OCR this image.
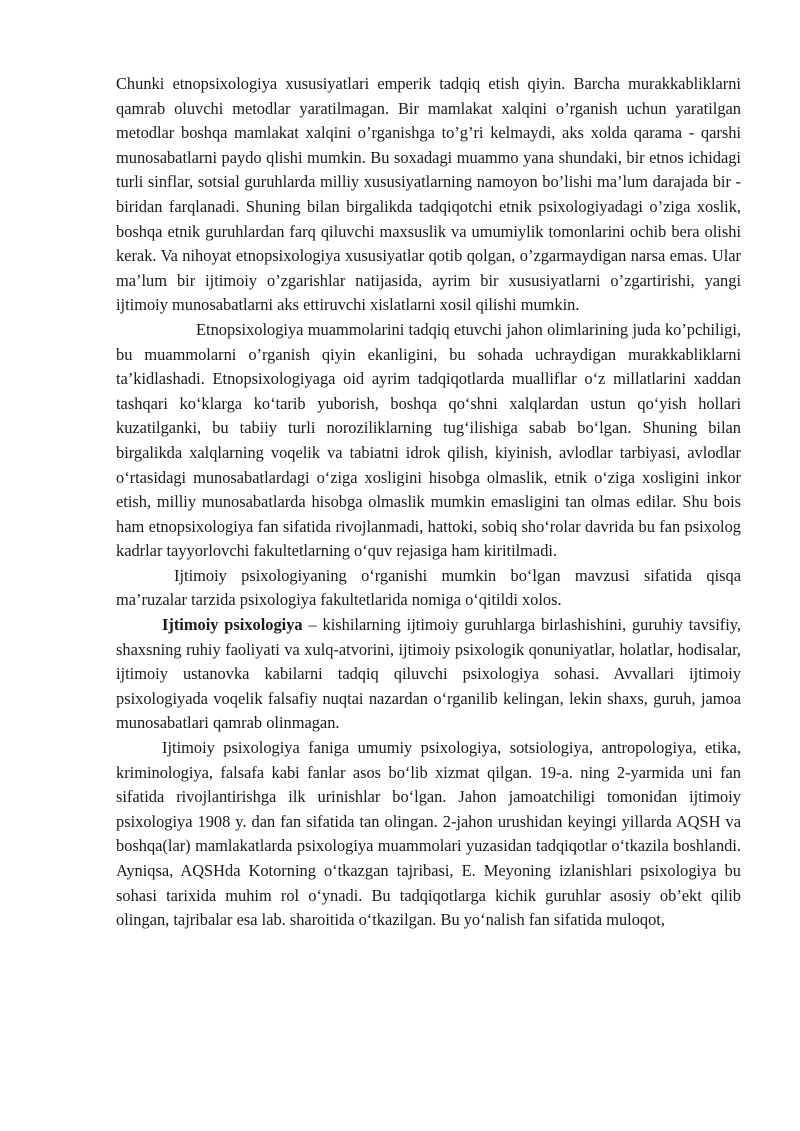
Chunki etnopsixologiya xususiyatlari emperik tadqiq etish qiyin. Barcha murakkabliklarni qamrab oluvchi metodlar yaratilmagan. Bir mamlakat xalqini o’rganish uchun yaratilgan metodlar boshqa mamlakat xalqini o’rganishga to’g’ri kelmaydi, aks xolda qarama - qarshi munosabatlarni paydo qlishi mumkin. Bu soxadagi muammo yana shundaki, bir etnos ichidagi turli sinflar, sotsial guruhlarda milliy xususiyatlarning namoyon bo’lishi ma’lum darajada bir - biridan farqlanadi. Shuning bilan birgalikda tadqiqotchi etnik psixologiyadagi o’ziga xoslik, boshqa etnik guruhlardan farq qiluvchi maxsuslik va umumiylik tomonlarini ochib bera olishi kerak. Va nihoyat etnopsixologiya xususiyatlar qotib qolgan, o’zgarmaydigan narsa emas. Ular ma’lum bir ijtimoiy o’zgarishlar natijasida, ayrim bir xususiyatlarni o’zgartirishi, yangi ijtimoiy munosabatlarni aks ettiruvchi xislatlarni xosil qilishi mumkin.

Etnopsixologiya muammolarini tadqiq etuvchi jahon olimlarining juda ko’pchiligi, bu muammolarni o’rganish qiyin ekanligini, bu sohada uchraydigan murakkabliklarni ta’kidlashadi. Etnopsixologiyaga oid ayrim tadqiqotlarda mualliflar o‘z millatlarini xaddan tashqari ko‘klarga ko‘tarib yuborish, boshqa qo‘shni xalqlardan ustun qo‘yish hollari kuzatilganki, bu tabiiy turli noroziliklarning tug‘ilishiga sabab bo‘lgan. Shuning bilan birgalikda xalqlarning voqelik va tabiatni idrok qilish, kiyinish, avlodlar tarbiyasi, avlodlar o‘rtasidagi munosabatlardagi o‘ziga xosligini hisobga olmaslik, etnik o‘ziga xosligini inkor etish, milliy munosabatlarda hisobga olmaslik mumkin emasligini tan olmas edilar. Shu bois ham etnopsixologiya fan sifatida rivojlanmadi, hattoki, sobiq sho‘rolar davrida bu fan psixolog kadrlar tayyorlovchi fakultetlarning o‘quv rejasiga ham kiritilmadi.

Ijtimoiy psixologiyaning o‘rganishi mumkin bo‘lgan mavzusi sifatida qisqa ma’ruzalar tarzida psixologiya fakultetlarida nomiga o‘qitildi xolos.

Ijtimoiy psixologiya – kishilarning ijtimoiy guruhlarga birlashishini, guruhiy tavsifiy, shaxsning ruhiy faoliyati va xulq-atvorini, ijtimoiy psixologik qonuniyatlar, holatlar, hodisalar, ijtimoiy ustanovka kabilarni tadqiq qiluvchi psixologiya sohasi. Avvallari ijtimoiy psixologiyada voqelik falsafiy nuqtai nazardan o‘rganilib kelingan, lekin shaxs, guruh, jamoa munosabatlari qamrab olinmagan.

Ijtimoiy psixologiya faniga umumiy psixologiya, sotsiologiya, antropologiya, etika, kriminologiya, falsafa kabi fanlar asos bo‘lib xizmat qilgan. 19-a. ning 2-yarmida uni fan sifatida rivojlantirishga ilk urinishlar bo‘lgan. Jahon jamoatchiligi tomonidan ijtimoiy psixologiya 1908 y. dan fan sifatida tan olingan. 2-jahon urushidan keyingi yillarda AQSH va boshqa(lar) mamlakatlarda psixologiya muammolari yuzasidan tadqiqotlar o‘tkazila boshlandi. Ayniqsa, AQSHda Kotorning o‘tkazgan tajribasi, E. Meyoning izlanishlari psixologiya bu sohasi tarixida muhim rol o‘ynadi. Bu tadqiqotlarga kichik guruhlar asosiy ob’ekt qilib olingan, tajribalar esa lab. sharoitida o‘tkazilgan. Bu yo‘nalish fan sifatida muloqot,
